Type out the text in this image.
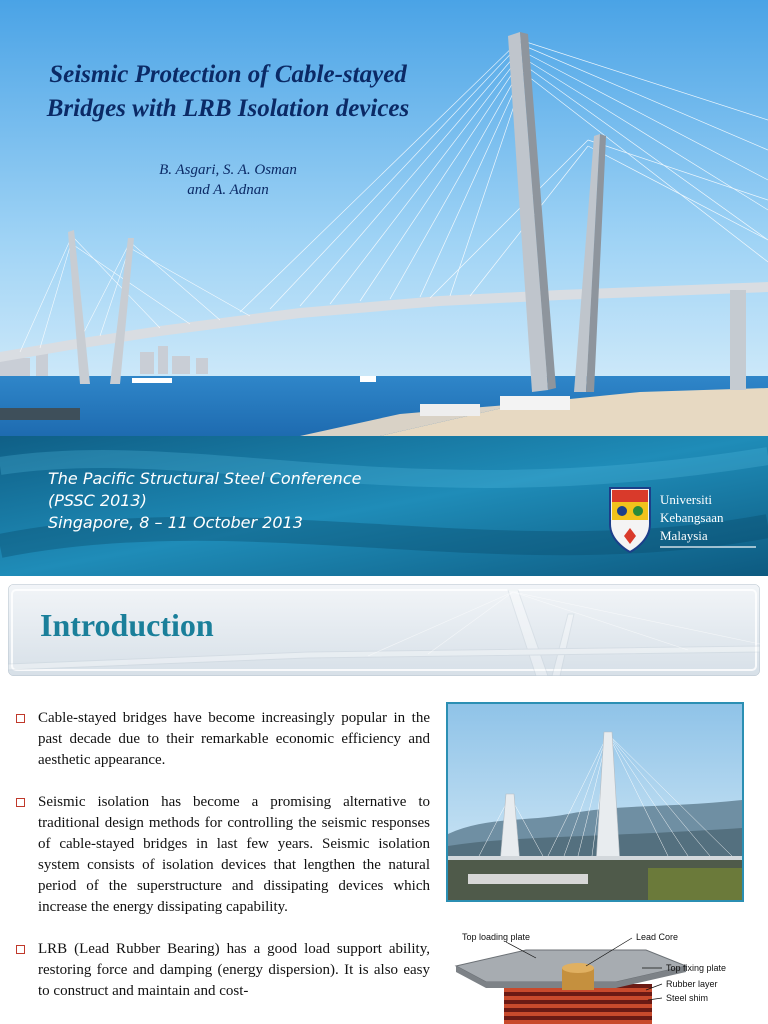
Seismic Protection of Cable-stayed
Bridges with LRB Isolation devices
B. Asgari, S. A. Osman
and A. Adnan
The Pacific Structural Steel Conference
(PSSC 2013)
Singapore, 8 – 11 October 2013
Universiti
Kebangsaan
Malaysia
Introduction
Cable-stayed bridges have become increasingly popular in the past decade due to their remarkable economic efficiency and aesthetic appearance.
Seismic isolation has become a promising alternative to traditional design methods for controlling the seismic responses of cable-stayed bridges in last few years. Seismic isolation system consists of isolation devices that lengthen the natural period of the superstructure and dissipating devices which increase the energy dissipating capability.
LRB (Lead Rubber Bearing) has a good load support ability, restoring force and damping (energy dispersion). It is also easy to construct and maintain and cost-
Top loading plate	Lead Core
Top fixing plate
Rubber layer
Steel shim
